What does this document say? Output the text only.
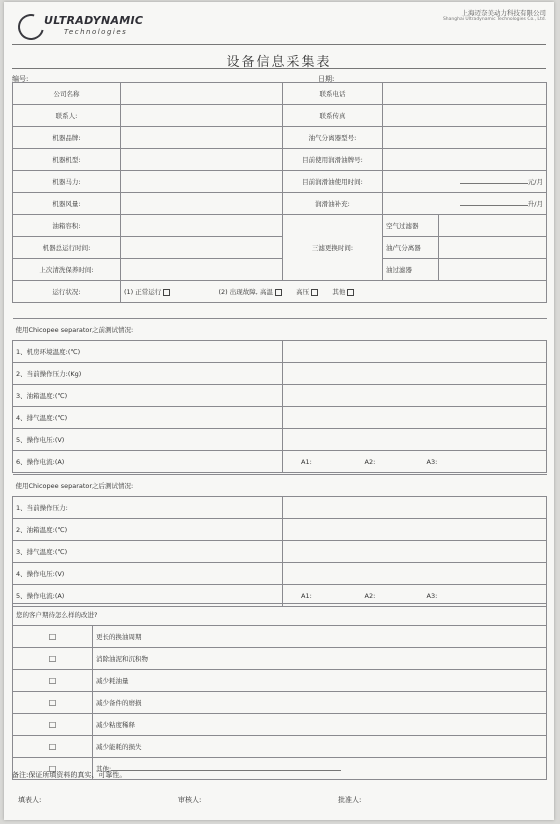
ULTRADYNAMIC
Technologies
上海迈奈美动力科技有限公司
Shanghai Ultradynamic Technologies Co., Ltd.
设备信息采集表
编号:	日期:
公司名称		联系电话		
联系人:		联系传真		
机器品牌:		油气分离器型号:		
机器机型:		目前使用润滑油牌号:		
机器马力:		目前润滑油使用时间:	元/月	
机器风量:		润滑油补充:	升/月	
油箱容积:		三滤更换时间:	空气过滤器	
机器总运行时间:			油/气分离器	
上次清洗保养时间:			油过滤器	
运行状况:	(1) 正常运行 (2) 出现故障, 高温 高压 其他			
使用Chicopee separator之前测试情况:			
1、机房环境温度:(℃)			
2、当前操作压力:(Kg)			
3、油箱温度:(℃)			
4、排气温度:(℃)			
5、操作电压:(V)			
6、操作电流:(A)	A1:	A2:	A3:
使用Chicopee separator之后测试情况:			
1、当前操作压力:			
2、油箱温度:(℃)			
3、排气温度:(℃)			
4、操作电压:(V)			
5、操作电流:(A)	A1:	A2:	A3:
您的客户期待怎么样的改进?	
□	更长的换油周期
□	消除油泥和沉积物
□	减少耗油量
□	减少备件的磨损
□	减少粘度稀释
□	减少能耗的损失
□	其他:
备注:保证所填资料的真实、可靠性。
填表人:	审核人:	批准人:
